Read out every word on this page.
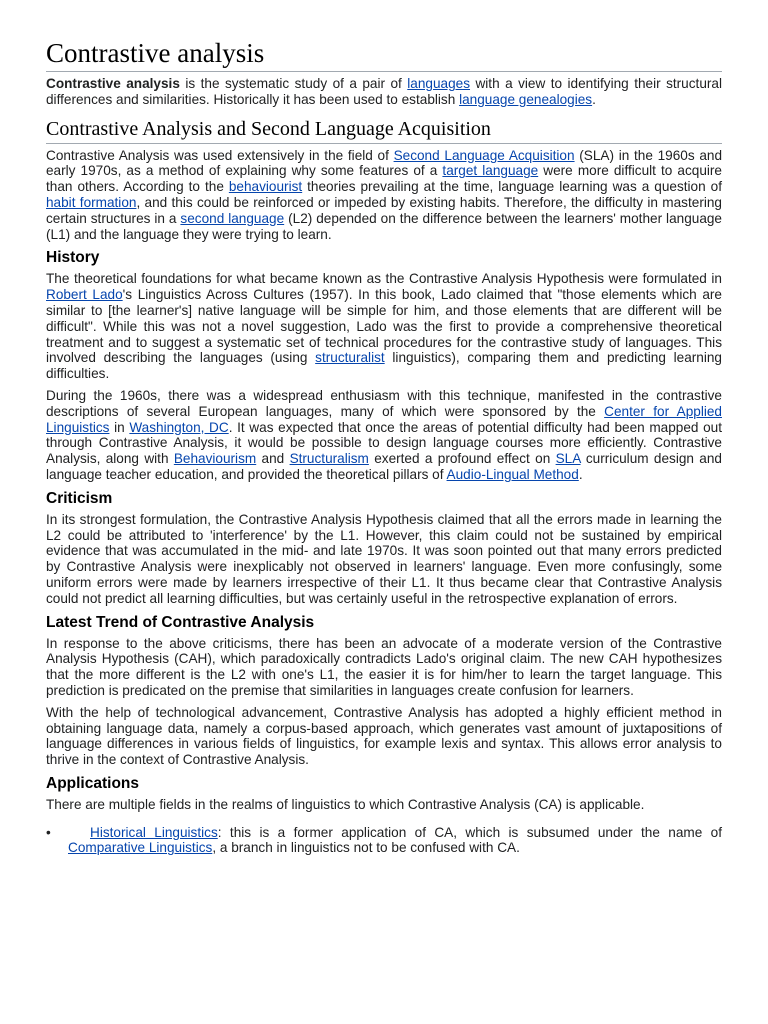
Contrastive analysis

Contrastive analysis is the systematic study of a pair of languages with a view to identifying their structural differences and similarities. Historically it has been used to establish language genealogies.

Contrastive Analysis and Second Language Acquisition

Contrastive Analysis was used extensively in the field of Second Language Acquisition (SLA) in the 1960s and early 1970s, as a method of explaining why some features of a target language were more difficult to acquire than others. According to the behaviourist theories prevailing at the time, language learning was a question of habit formation, and this could be reinforced or impeded by existing habits. Therefore, the difficulty in mastering certain structures in a second language (L2) depended on the difference between the learners' mother language (L1) and the language they were trying to learn.

History

The theoretical foundations for what became known as the Contrastive Analysis Hypothesis were formulated in Robert Lado's Linguistics Across Cultures (1957). In this book, Lado claimed that "those elements which are similar to [the learner's] native language will be simple for him, and those elements that are different will be difficult". While this was not a novel suggestion, Lado was the first to provide a comprehensive theoretical treatment and to suggest a systematic set of technical procedures for the contrastive study of languages. This involved describing the languages (using structuralist linguistics), comparing them and predicting learning difficulties.

During the 1960s, there was a widespread enthusiasm with this technique, manifested in the contrastive descriptions of several European languages, many of which were sponsored by the Center for Applied Linguistics in Washington, DC. It was expected that once the areas of potential difficulty had been mapped out through Contrastive Analysis, it would be possible to design language courses more efficiently. Contrastive Analysis, along with Behaviourism and Structuralism exerted a profound effect on SLA curriculum design and language teacher education, and provided the theoretical pillars of Audio-Lingual Method.

Criticism

In its strongest formulation, the Contrastive Analysis Hypothesis claimed that all the errors made in learning the L2 could be attributed to 'interference' by the L1. However, this claim could not be sustained by empirical evidence that was accumulated in the mid- and late 1970s. It was soon pointed out that many errors predicted by Contrastive Analysis were inexplicably not observed in learners' language. Even more confusingly, some uniform errors were made by learners irrespective of their L1. It thus became clear that Contrastive Analysis could not predict all learning difficulties, but was certainly useful in the retrospective explanation of errors.

Latest Trend of Contrastive Analysis

In response to the above criticisms, there has been an advocate of a moderate version of the Contrastive Analysis Hypothesis (CAH), which paradoxically contradicts Lado's original claim. The new CAH hypothesizes that the more different is the L2 with one's L1, the easier it is for him/her to learn the target language. This prediction is predicated on the premise that similarities in languages create confusion for learners.

With the help of technological advancement, Contrastive Analysis has adopted a highly efficient method in obtaining language data, namely a corpus-based approach, which generates vast amount of juxtapositions of language differences in various fields of linguistics, for example lexis and syntax. This allows error analysis to thrive in the context of Contrastive Analysis.

Applications

There are multiple fields in the realms of linguistics to which Contrastive Analysis (CA) is applicable.

•	Historical Linguistics: this is a former application of CA, which is subsumed under the name of Comparative Linguistics, a branch in linguistics not to be confused with CA.
